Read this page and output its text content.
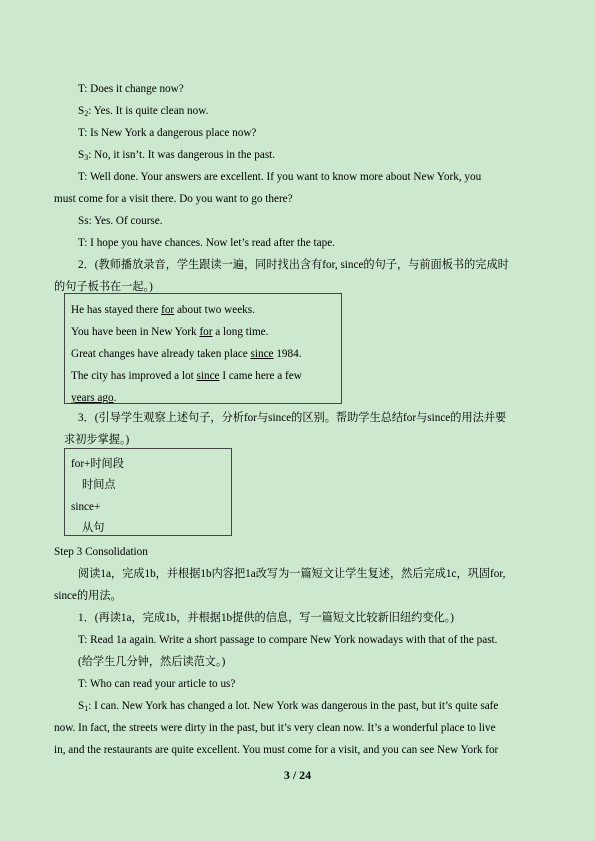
T: Does it change now?
$S_2$: Yes. It is quite clean now.
T: Is New York a dangerous place now?
$S_3$: No, it isn’t. It was dangerous in the past.
T: Well done. Your answers are excellent. If you want to know more about New York, you
must come for a visit there. Do you want to go there?
Ss: Yes. Of course.
T: I hope you have chances. Now let’s read after the tape.
2．(教师播放录音，学生跟读一遍，同时找出含有for, since的句子，与前面板书的完成时
的句子板书在一起。)
He has stayed there for about two weeks.
You have been in New York for a long time.
Great changes have already taken place since 1984.
The city has improved a lot since I came here a few
years ago.
3．(引导学生观察上述句子，分析for与since的区别。帮助学生总结for与since的用法并要
求初步掌握。)
for+时间段
时间点
since+
从句
Step 3 Consolidation
阅读1a，完成1b，并根据1b内容把1a改写为一篇短文让学生复述，然后完成1c，巩固for,
since的用法。
1．(再读1a，完成1b，并根据1b提供的信息，写一篇短文比较新旧纽约变化。)
T: Read 1a again. Write a short passage to compare New York nowadays with that of the past.
(给学生几分钟，然后读范文。)
T: Who can read your article to us?
$S_1$: I can. New York has changed a lot. New York was dangerous in the past, but it’s quite safe
now. In fact, the streets were dirty in the past, but it’s very clean now. It’s a wonderful place to live
in, and the restaurants are quite excellent. You must come for a visit, and you can see New York for
3 / 24
